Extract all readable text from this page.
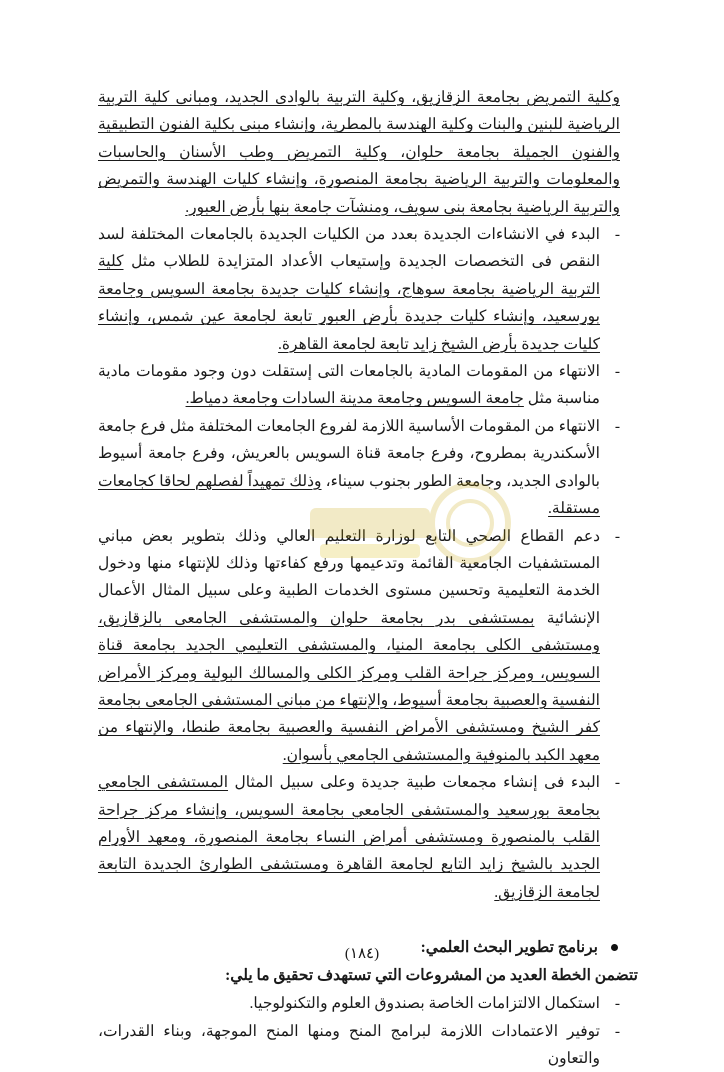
وكلية التمريض بجامعة الزقازيق، وكلية التربية بالوادى الجديد، ومبانى كلية التربية الرياضية للبنين والبنات وكلية الهندسة بالمطرية، وإنشاء مبنى بكلية الفنون التطبيقية والفنون الجميلة بجامعة حلوان، وكلية التمريض وطب الأسنان والحاسبات والمعلومات والتربية الرياضية بجامعة المنصورة، وإنشاء كليات الهندسة والتمريض والتربية الرياضية بجامعة بنى سويف، ومنشآت جامعة بنها بأرض العبور.

-
البدء في الانشاءات الجديدة بعدد من الكليات الجديدة بالجامعات المختلفة لسد النقص فى التخصصات الجديدة وإستيعاب الأعداد المتزايدة للطلاب مثل كلية التربية الرياضية بجامعة سوهاج، وإنشاء كليات جديدة بجامعة السويس وجامعة بورسعيد، وإنشاء كليات جديدة بأرض العبور تابعة لجامعة عين شمس، وإنشاء كليات جديدة بأرض الشيخ زايد تابعة لجامعة القاهرة.

-
الانتهاء من المقومات المادية بالجامعات التى إستقلت دون وجود مقومات مادية مناسبة مثل جامعة السويس وجامعة مدينة السادات وجامعة دمياط.

-
الانتهاء من المقومات الأساسية اللازمة لفروع الجامعات المختلفة مثل فرع جامعة الأسكندرية بمطروح، وفرع جامعة قناة السويس بالعريش، وفرع جامعة أسيوط بالوادى الجديد، وجامعة الطور بجنوب سيناء، وذلك تمهيداً لفصلهم لحاقا كجامعات مستقلة.

-
دعم القطاع الصحي التابع لوزارة التعليم العالي وذلك بتطوير بعض مباني المستشفيات الجامعية القائمة وتدعيمها ورفع كفاءتها وذلك للإنتهاء منها ودخول الخدمة التعليمية وتحسين مستوى الخدمات الطبية وعلى سبيل المثال الأعمال الإنشائية بمستشفى بدر بجامعة حلوان والمستشفى الجامعى بالزقازيق، ومستشفى الكلى بجامعة المنيا، والمستشفى التعليمي الجديد بجامعة قناة السويس، ومركز جراحة القلب ومركز الكلى والمسالك البولية ومركز الأمراض النفسية والعصبية بجامعة أسيوط، والإنتهاء من مباني المستشفى الجامعى بجامعة كفر الشيخ ومستشفى الأمراض النفسية والعصبية بجامعة طنطا، والإنتهاء من معهد الكبد بالمنوفية والمستشفى الجامعي بأسوان.

-
البدء فى إنشاء مجمعات طبية جديدة وعلى سبيل المثال المستشفى الجامعي بجامعة بورسعيد والمستشفى الجامعي بجامعة السويس، وإنشاء مركز جراحة القلب بالمنصورة ومستشفى أمراض النساء بجامعة المنصورة، ومعهد الأورام الجديد بالشيخ زايد التابع لجامعة القاهرة ومستشفى الطوارئ الجديدة التابعة لجامعة الزقازيق.

برنامج تطوير البحث العلمي:
تتضمن الخطة العديد من المشروعات التي تستهدف تحقيق ما يلي:

-
استكمال الالتزامات الخاصة بصندوق العلوم والتكنولوجيا.

-
توفير الاعتمادات اللازمة لبرامج المنح ومنها المنح الموجهة، وبناء القدرات، والتعاون

(١٨٤)
